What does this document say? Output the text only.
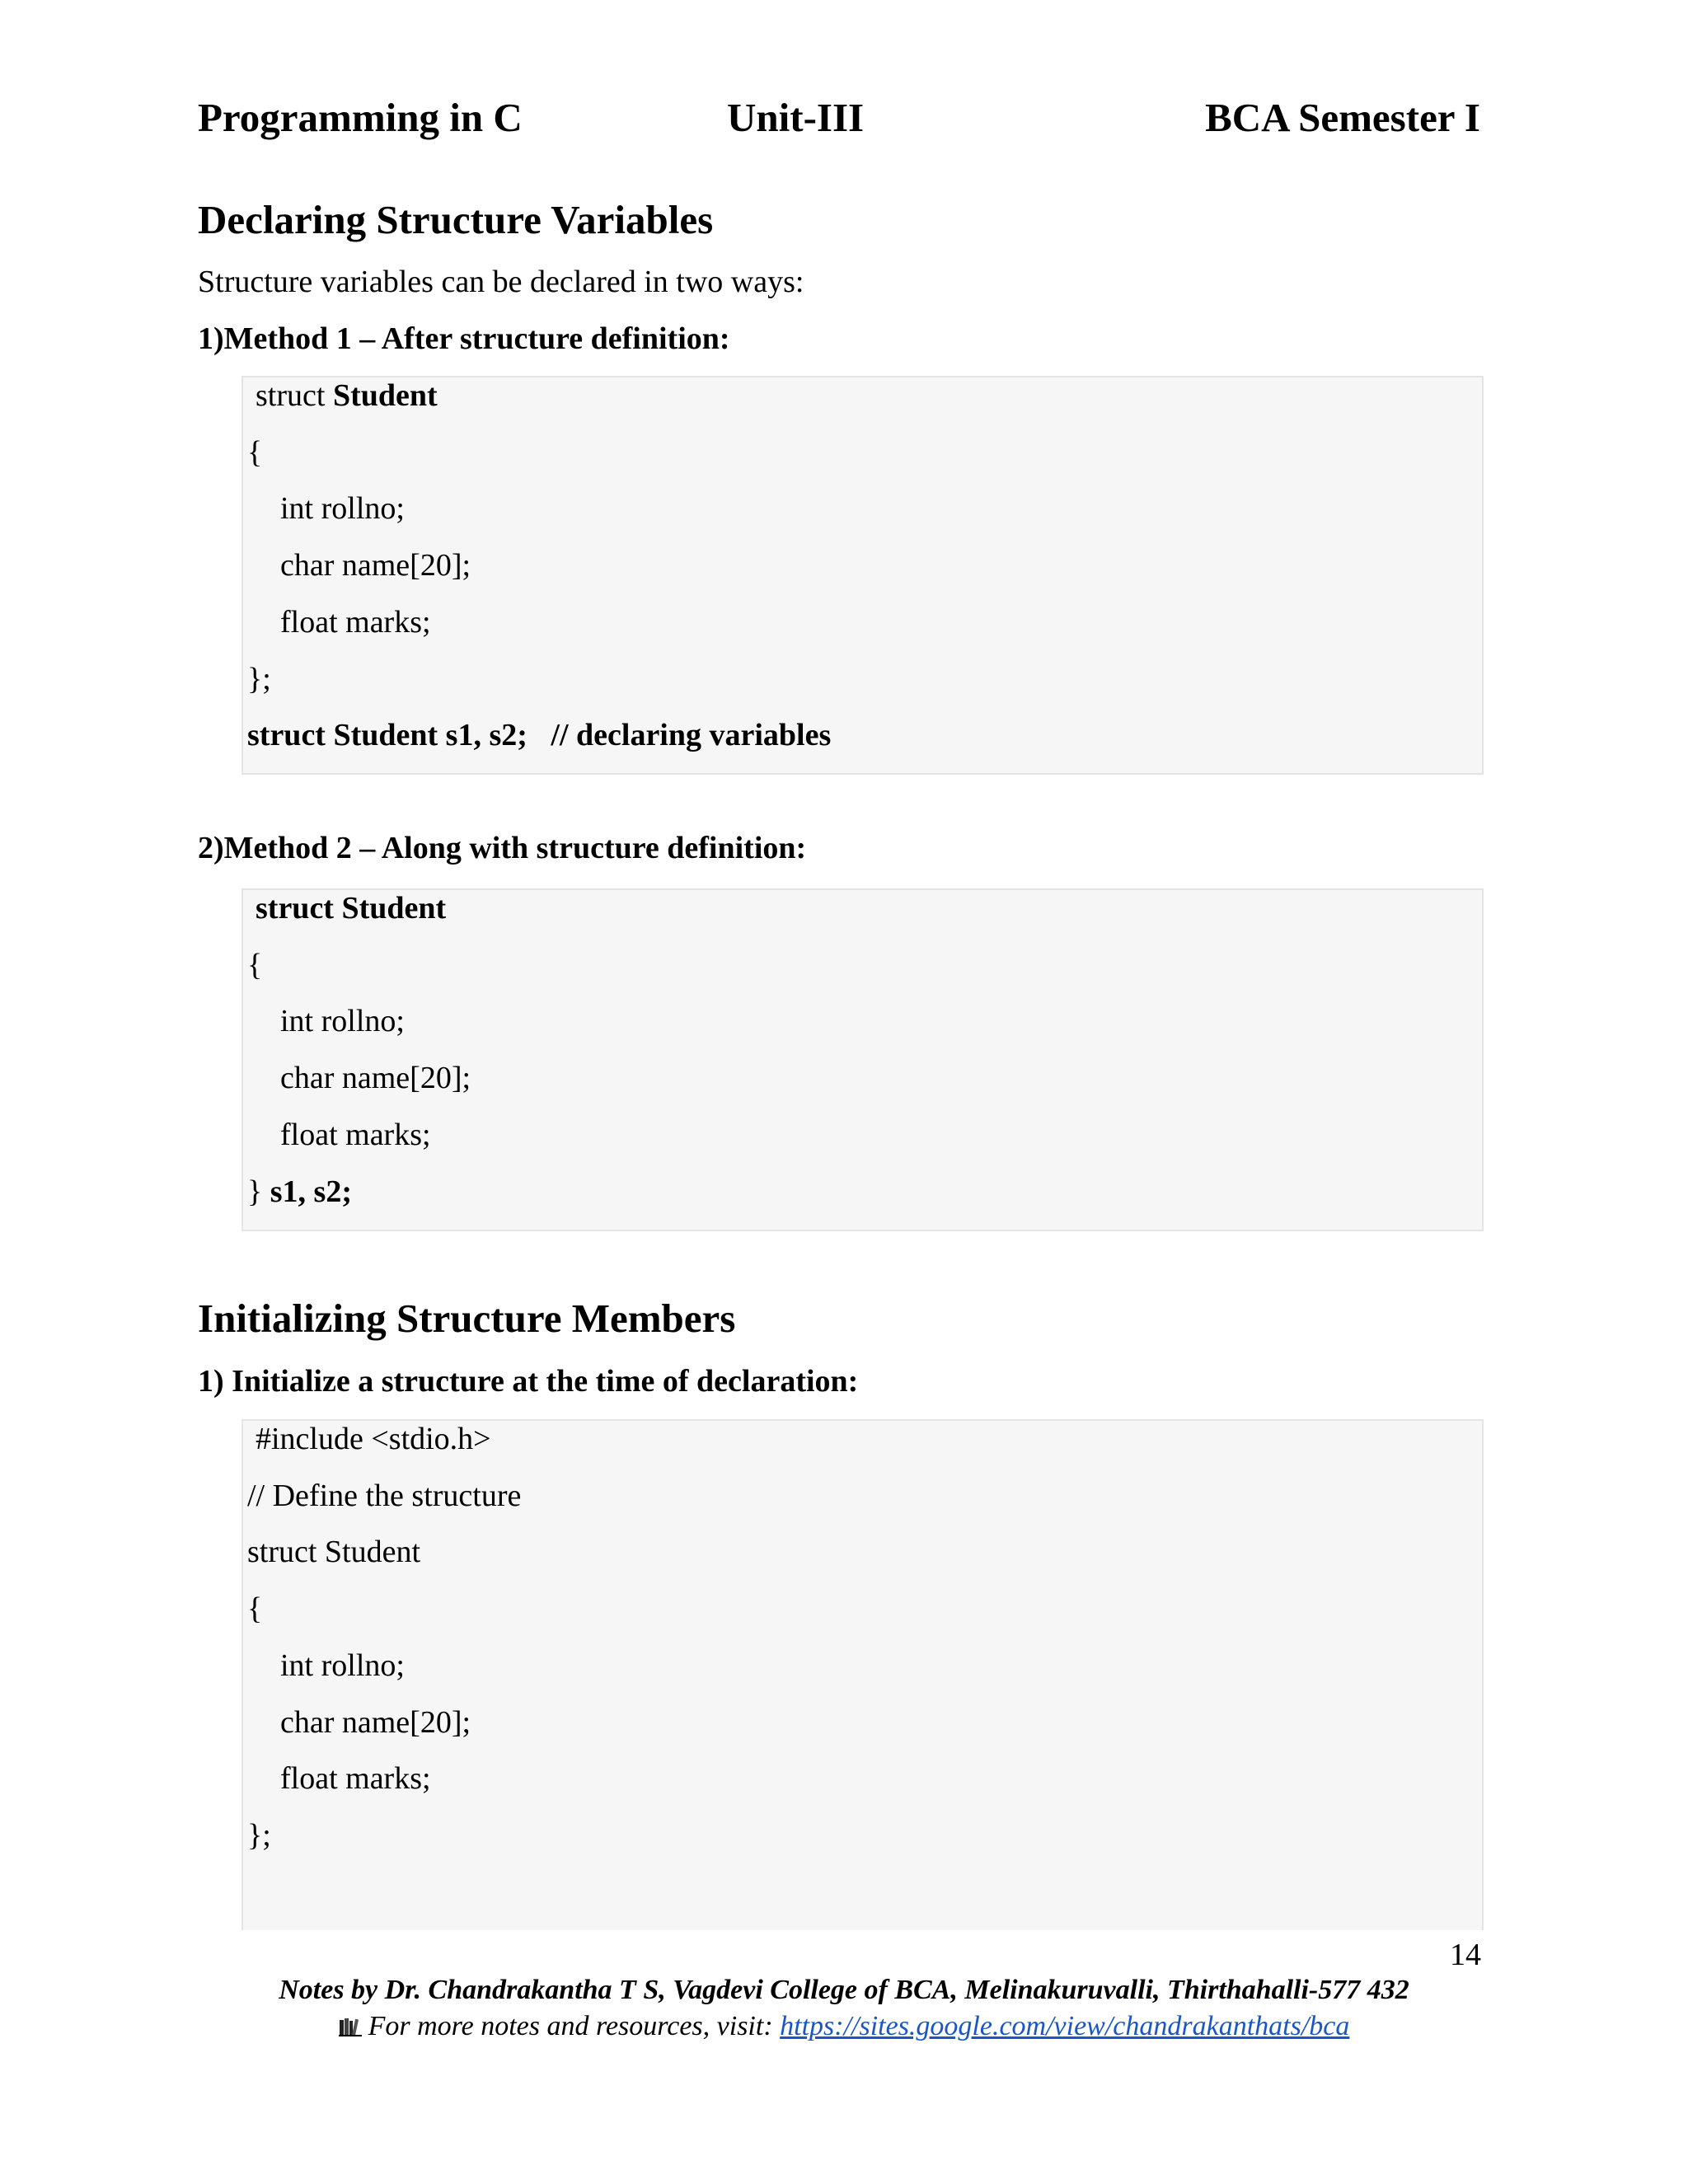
Programming in C	Unit-III	BCA Semester I
Declaring Structure Variables
Structure variables can be declared in two ways:
1)Method 1 – After structure definition:
struct Student
{
int rollno;
char name[20];
float marks;
};
struct Student s1, s2;   // declaring variables
2)Method 2 – Along with structure definition:
struct Student
{
int rollno;
char name[20];
float marks;
} s1, s2;
Initializing Structure Members
1) Initialize a structure at the time of declaration:
#include <stdio.h>
// Define the structure
struct Student
{
int rollno;
char name[20];
float marks;
};
14
Notes by Dr. Chandrakantha T S, Vagdevi College of BCA, Melinakuruvalli, Thirthahalli-577 432
For more notes and resources, visit: https://sites.google.com/view/chandrakanthats/bca
